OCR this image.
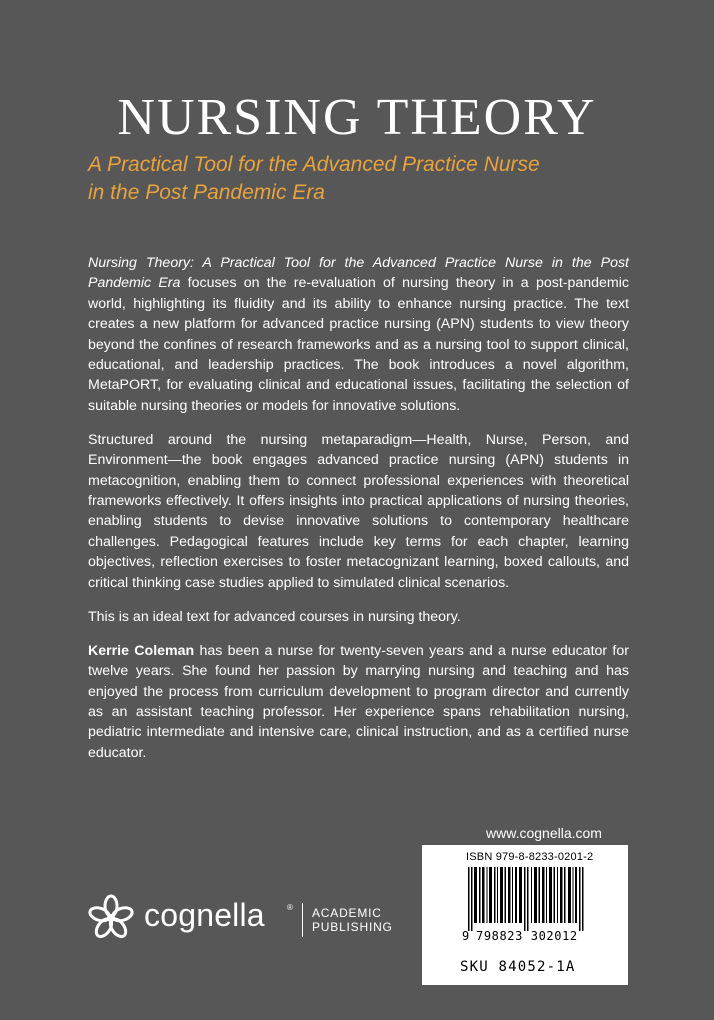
NURSING THEORY
A Practical Tool for the Advanced Practice Nurse
in the Post Pandemic Era

Nursing Theory: A Practical Tool for the Advanced Practice Nurse in the Post Pandemic Era focuses on the re-evaluation of nursing theory in a post-pandemic world, highlighting its fluidity and its ability to enhance nursing practice. The text creates a new platform for advanced practice nursing (APN) students to view theory beyond the confines of research frameworks and as a nursing tool to support clinical, educational, and leadership practices. The book introduces a novel algorithm, MetaPORT, for evaluating clinical and educational issues, facilitating the selection of suitable nursing theories or models for innovative solutions.

Structured around the nursing metaparadigm—Health, Nurse, Person, and Environment—the book engages advanced practice nursing (APN) students in metacognition, enabling them to connect professional experiences with theoretical frameworks effectively. It offers insights into practical applications of nursing theories, enabling students to devise innovative solutions to contemporary healthcare challenges. Pedagogical features include key terms for each chapter, learning objectives, reflection exercises to foster metacognizant learning, boxed callouts, and critical thinking case studies applied to simulated clinical scenarios.

This is an ideal text for advanced courses in nursing theory.

Kerrie Coleman has been a nurse for twenty-seven years and a nurse educator for twelve years. She found her passion by marrying nursing and teaching and has enjoyed the process from curriculum development to program director and currently as an assistant teaching professor. Her experience spans rehabilitation nursing, pediatric intermediate and intensive care, clinical instruction, and as a certified nurse educator.

www.cognella.com
ISBN 979-8-8233-0201-2
9 798823 302012
SKU 84052-1A
cognella	® ACADEMIC
PUBLISHING
